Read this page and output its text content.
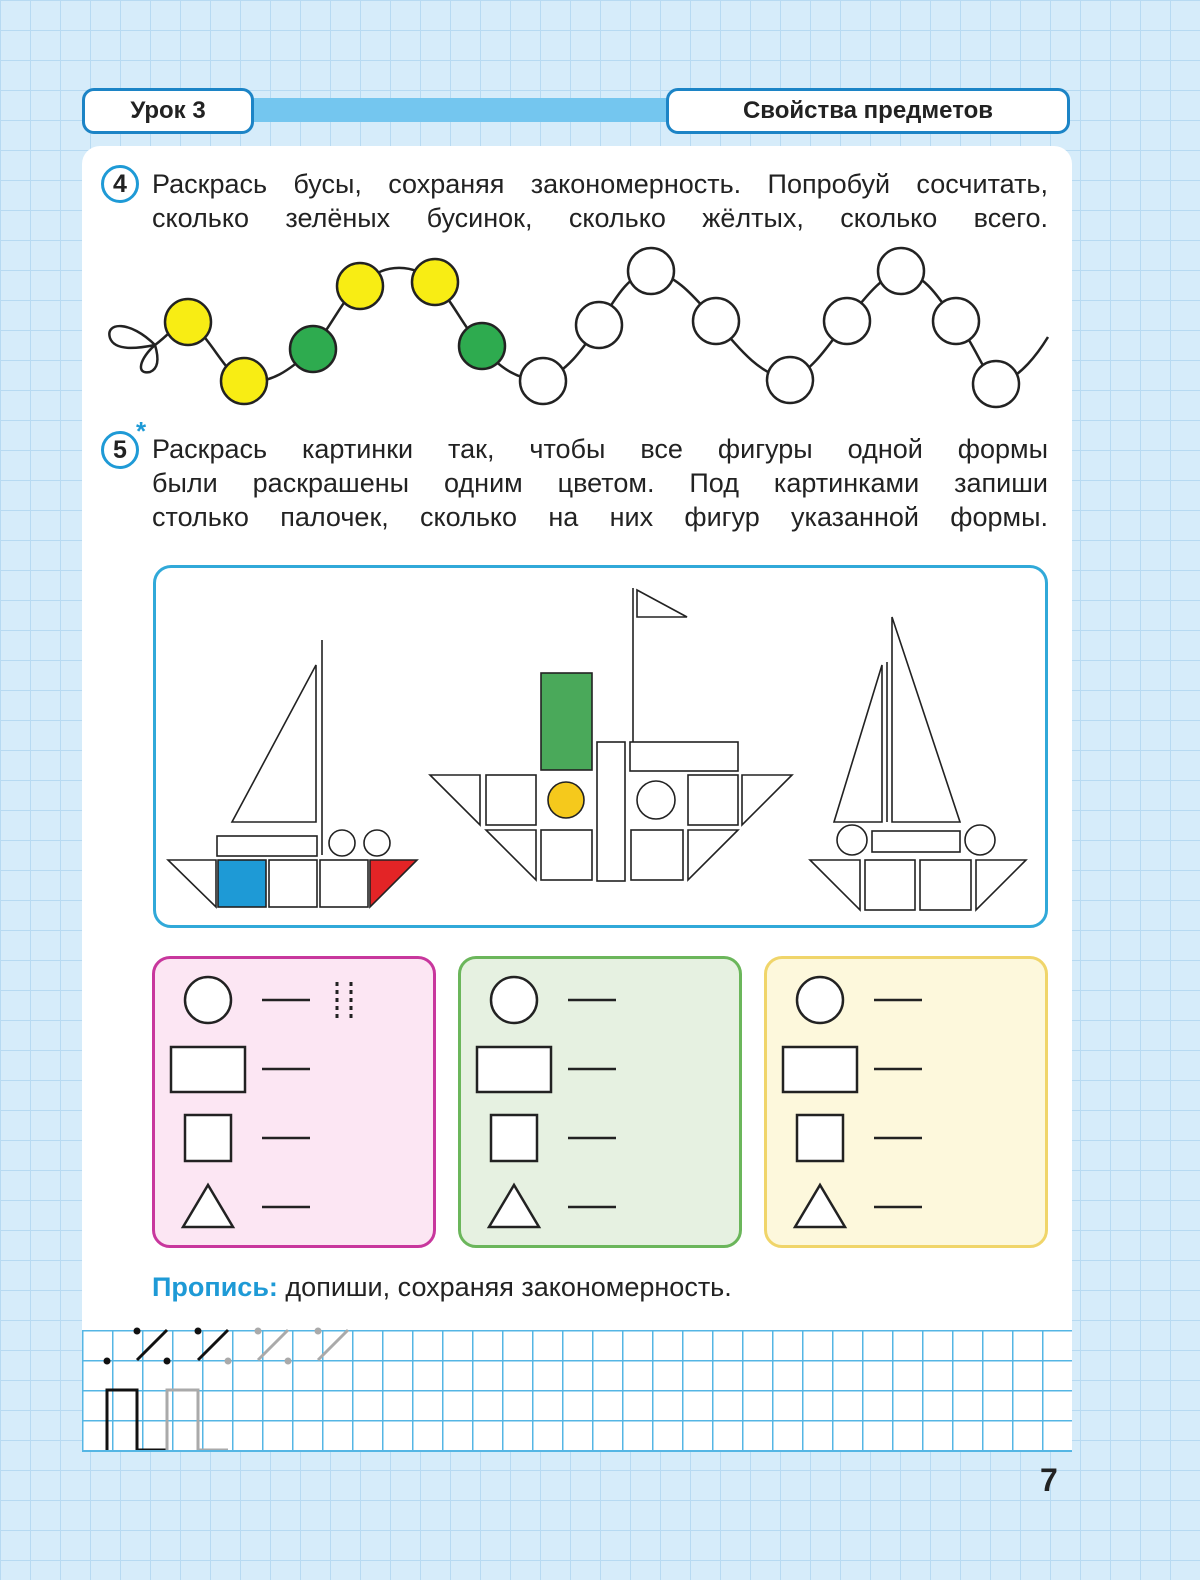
Урок 3	Свойства предметов
4 Раскрась бусы, сохраняя закономерность. Попробуй сосчитать,
сколько зелёных бусинок, сколько жёлтых, сколько всего.
5
*
Раскрась картинки так, чтобы все фигуры одной формы
были раскрашены одним цветом. Под картинками запиши
столько палочек, сколько на них фигур указанной формы.
Пропись: допиши, сохраняя закономерность.
7
